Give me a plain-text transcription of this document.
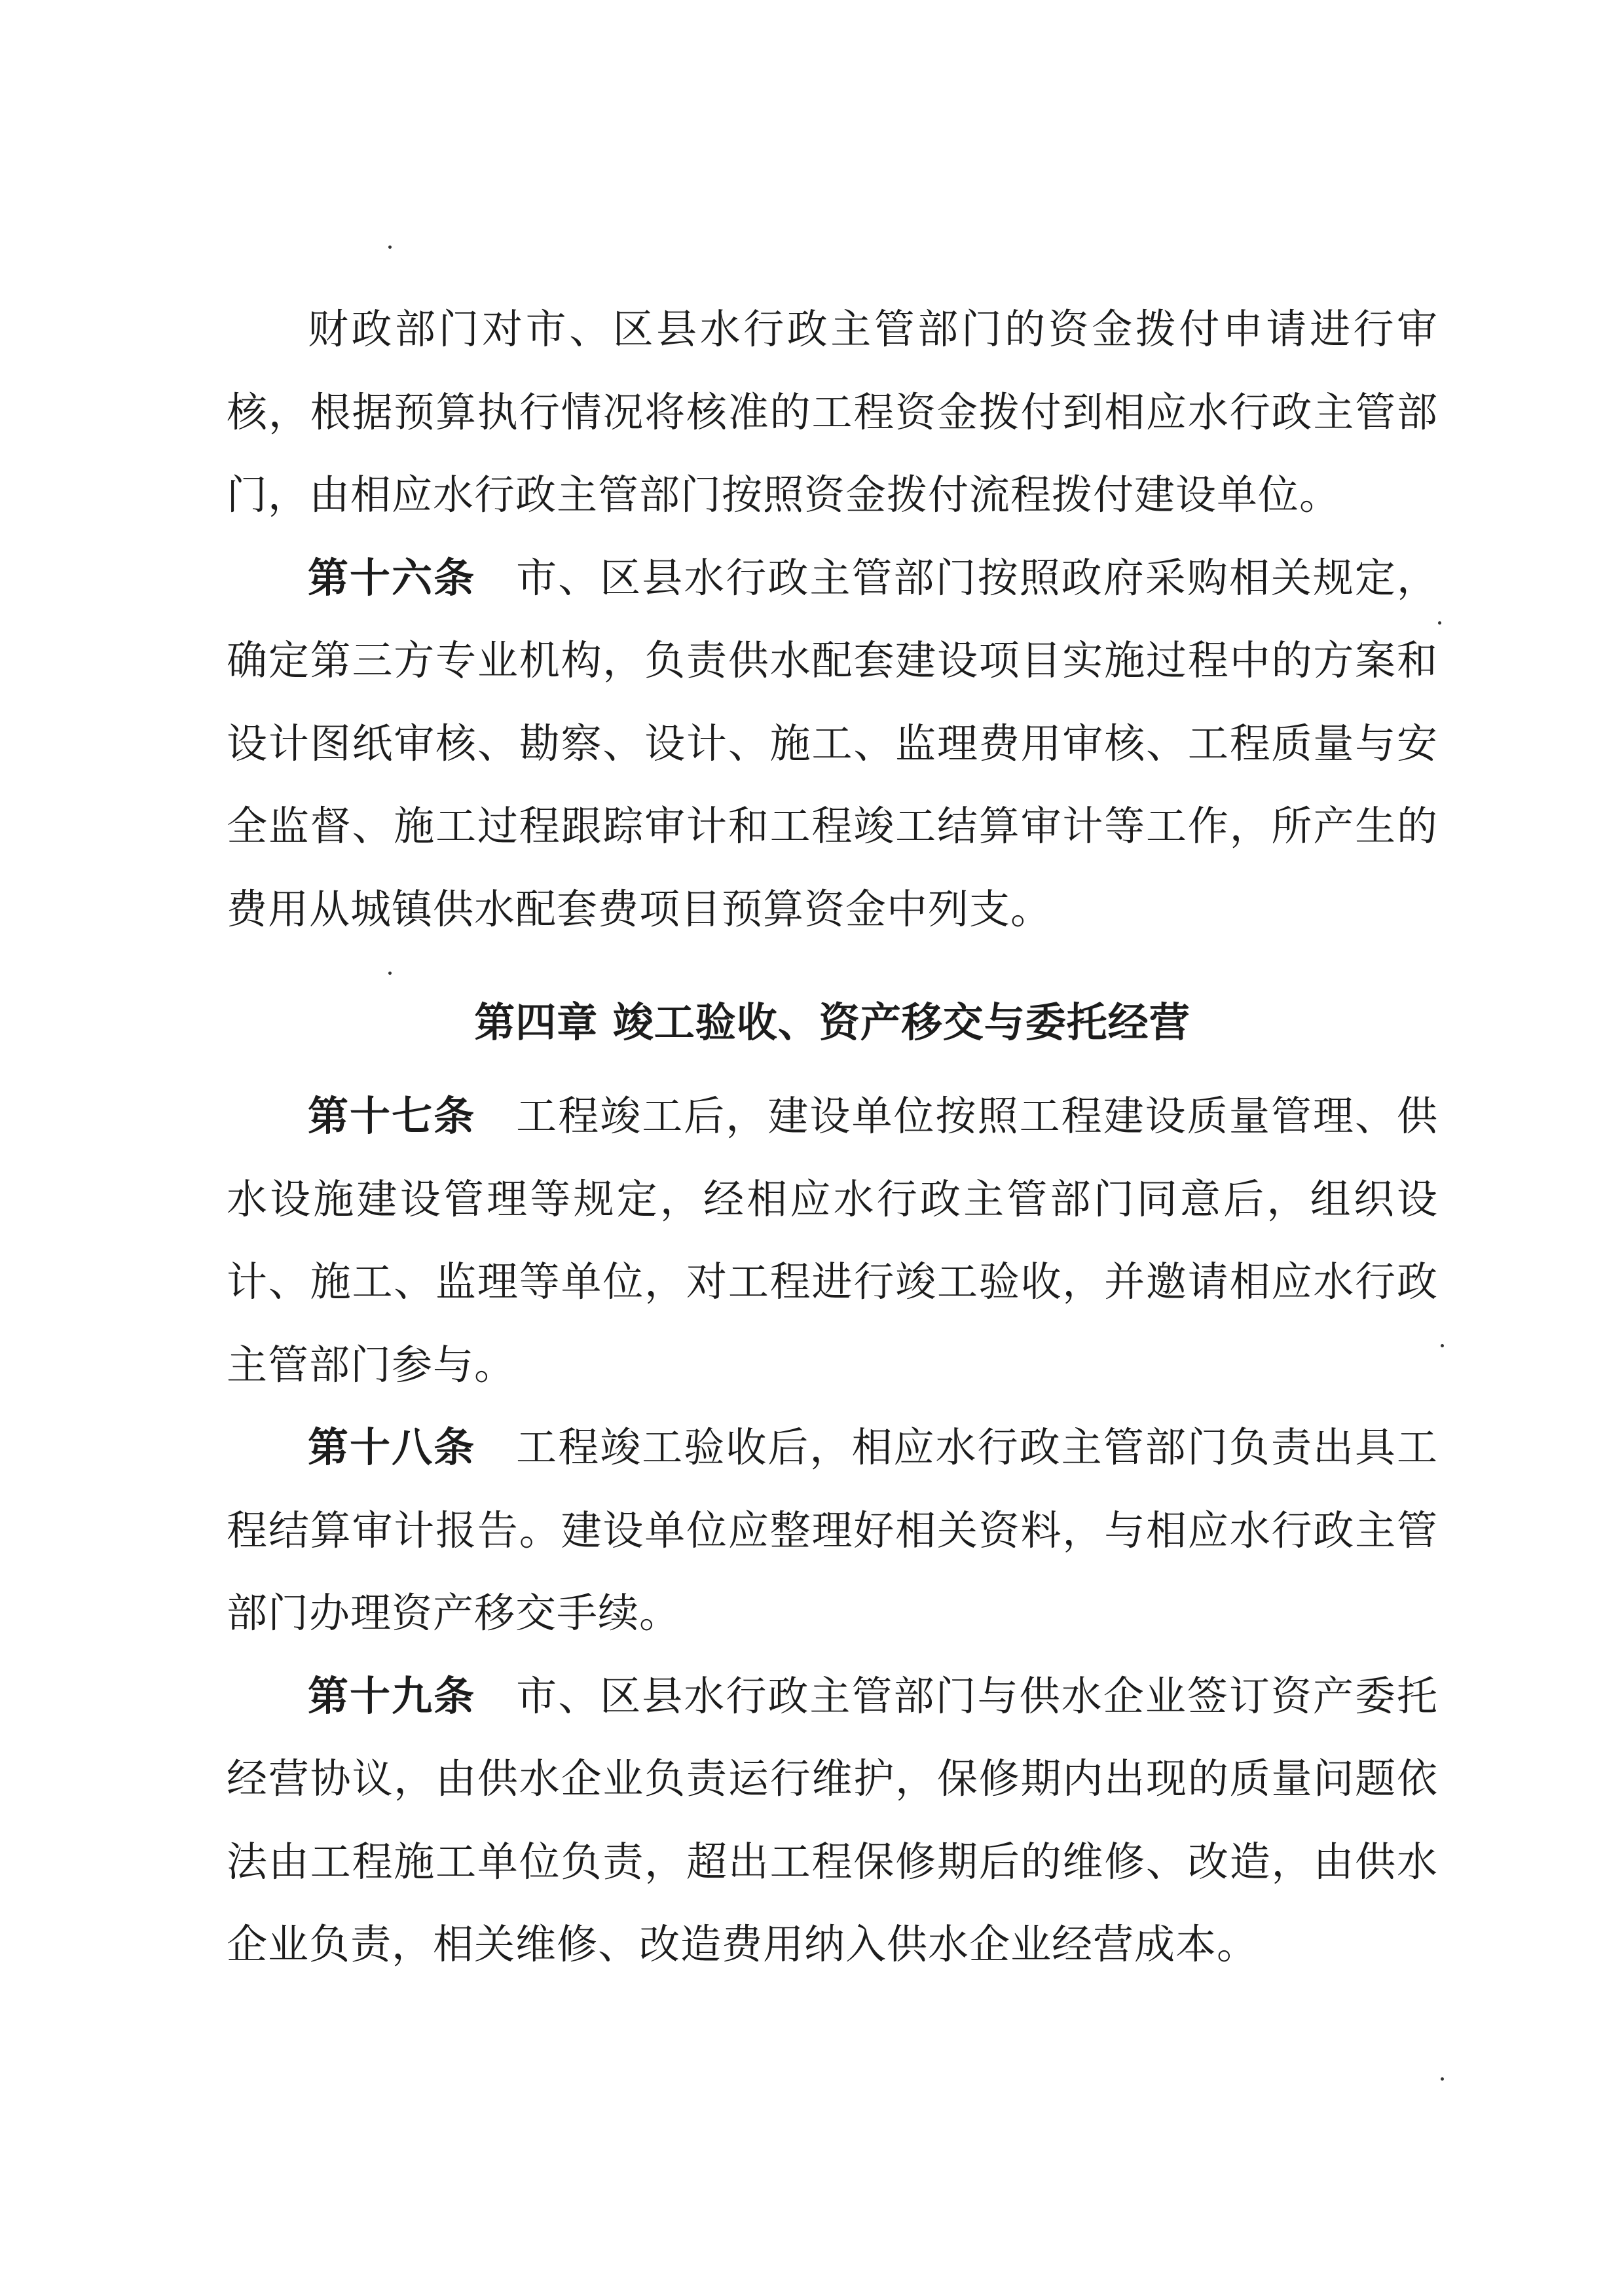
财政部门对市、区县水行政主管部门的资金拨付申请进行审核，根据预算执行情况将核准的工程资金拨付到相应水行政主管部门，由相应水行政主管部门按照资金拨付流程拨付建设单位。

第十六条 市、区县水行政主管部门按照政府采购相关规定，确定第三方专业机构，负责供水配套建设项目实施过程中的方案和设计图纸审核、勘察、设计、施工、监理费用审核、工程质量与安全监督、施工过程跟踪审计和工程竣工结算审计等工作，所产生的费用从城镇供水配套费项目预算资金中列支。

第四章 竣工验收、资产移交与委托经营

第十七条 工程竣工后，建设单位按照工程建设质量管理、供水设施建设管理等规定，经相应水行政主管部门同意后，组织设计、施工、监理等单位，对工程进行竣工验收，并邀请相应水行政主管部门参与。

第十八条 工程竣工验收后，相应水行政主管部门负责出具工程结算审计报告。建设单位应整理好相关资料，与相应水行政主管部门办理资产移交手续。

第十九条 市、区县水行政主管部门与供水企业签订资产委托经营协议，由供水企业负责运行维护，保修期内出现的质量问题依法由工程施工单位负责，超出工程保修期后的维修、改造，由供水企业负责，相关维修、改造费用纳入供水企业经营成本。
